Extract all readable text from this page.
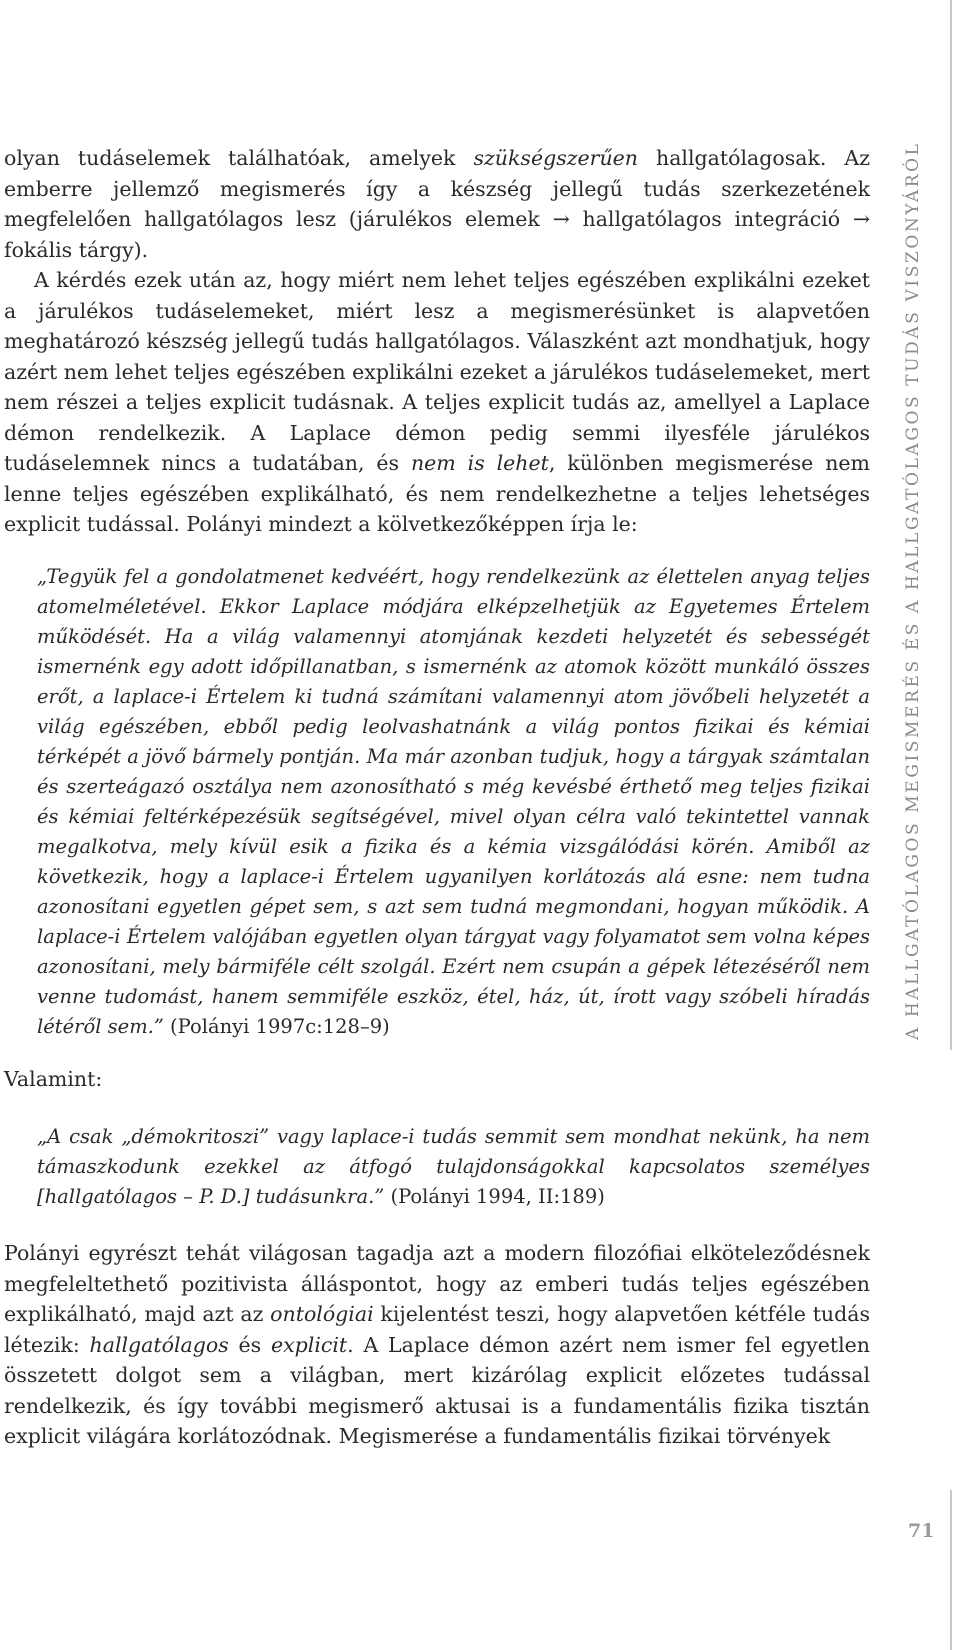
A HALLGATÓLAGOS MEGISMERÉS ÉS A HALLGATÓLAGOS TUDÁS VISZONYÁRÓL

olyan tudáselemek találhatóak, amelyek szükségszerűen hallgatólagosak. Az emberre jellemző megismerés így a készség jellegű tudás szerkezetének megfelelően hallgatólagos lesz (járulékos elemek → hallgatólagos integráció → fokális tárgy).

A kérdés ezek után az, hogy miért nem lehet teljes egészében explikálni ezeket a járulékos tudáselemeket, miért lesz a megismerésünket is alapvetően meghatározó készség jellegű tudás hallgatólagos. Válaszként azt mondhatjuk, hogy azért nem lehet teljes egészében explikálni ezeket a járulékos tudáselemeket, mert nem részei a teljes explicit tudásnak. A teljes explicit tudás az, amellyel a Laplace démon rendelkezik. A Laplace démon pedig semmi ilyesféle járulékos tudáselemnek nincs a tudatában, és nem is lehet, különben megismerése nem lenne teljes egészében explikálható, és nem rendelkezhetne a teljes lehetséges explicit tudással. Polányi mindezt a kölvetkezőképpen írja le:

„Tegyük fel a gondolatmenet kedvéért, hogy rendelkezünk az élettelen anyag teljes atomelméletével. Ekkor Laplace módjára elképzelhetjük az Egyetemes Értelem működését. Ha a világ valamennyi atomjának kezdeti helyzetét és sebességét ismernénk egy adott időpillanatban, s ismernénk az atomok között munkáló összes erőt, a laplace-i Értelem ki tudná számítani valamennyi atom jövőbeli helyzetét a világ egészében, ebből pedig leolvashatnánk a világ pontos fizikai és kémiai térképét a jövő bármely pontján. Ma már azonban tudjuk, hogy a tárgyak számtalan és szerteágazó osztálya nem azonosítható s még kevésbé érthető meg teljes fizikai és kémiai feltérképezésük segítségével, mivel olyan célra való tekintettel vannak megalkotva, mely kívül esik a fizika és a kémia vizsgálódási körén. Amiből az következik, hogy a laplace-i Értelem ugyanilyen korlátozás alá esne: nem tudna azonosítani egyetlen gépet sem, s azt sem tudná megmondani, hogyan működik. A laplace-i Értelem valójában egyetlen olyan tárgyat vagy folyamatot sem volna képes azonosítani, mely bármiféle célt szolgál. Ezért nem csupán a gépek létezéséről nem venne tudomást, hanem semmiféle eszköz, étel, ház, út, írott vagy szóbeli híradás létéről sem.” (Polányi 1997c:128–9)

Valamint:

„A csak „démokritoszi” vagy laplace-i tudás semmit sem mondhat nekünk, ha nem támaszkodunk ezekkel az átfogó tulajdonságokkal kapcsolatos személyes [hallgatólagos – P. D.] tudásunkra.” (Polányi 1994, II:189)

Polányi egyrészt tehát világosan tagadja azt a modern filozófiai elköteleződésnek megfeleltethető pozitivista álláspontot, hogy az emberi tudás teljes egészében explikálható, majd azt az ontológiai kijelentést teszi, hogy alapvetően kétféle tudás létezik: hallgatólagos és explicit. A Laplace démon azért nem ismer fel egyetlen összetett dolgot sem a világban, mert kizárólag explicit előzetes tudással rendelkezik, és így további megismerő aktusai is a fundamentális fizika tisztán explicit világára korlátozódnak. Megismerése a fundamentális fizikai törvények

71
